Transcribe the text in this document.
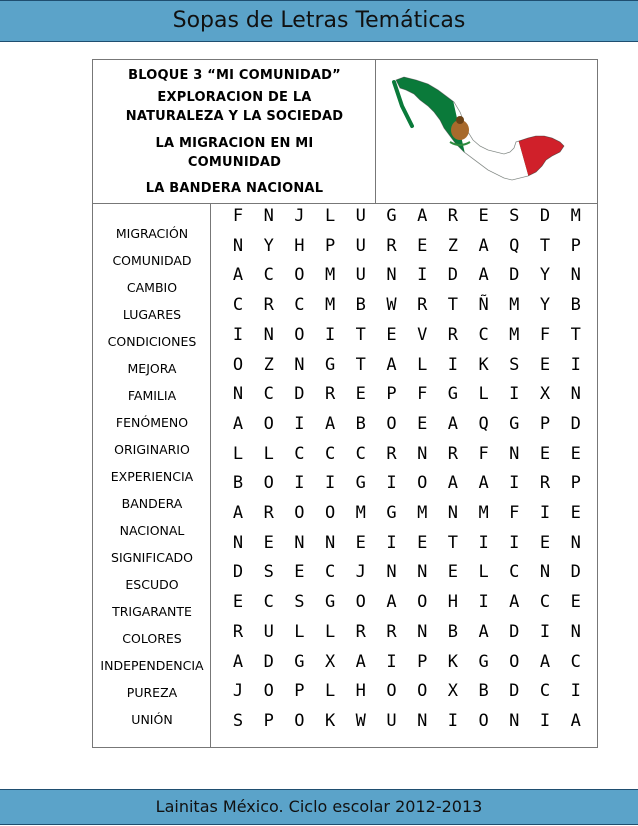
Sopas de Letras Temáticas
BLOQUE 3 “MI COMUNIDAD”
EXPLORACION DE LA
NATURALEZA Y LA SOCIEDAD
LA MIGRACION EN MI
COMUNIDAD
LA BANDERA NACIONAL
MIGRACIÓN
COMUNIDAD
CAMBIO
LUGARES
CONDICIONES
MEJORA
FAMILIA
FENÓMENO
ORIGINARIO
EXPERIENCIA
BANDERA
NACIONAL
SIGNIFICADO
ESCUDO
TRIGARANTE
COLORES
INDEPENDENCIA
PUREZA
UNIÓN
F	N	J	L	U	G	A	R	E	S	D	M
N	Y	H	P	U	R	E	Z	A	Q	T	P
A	C	O	M	U	N	I	D	A	D	Y	N
C	R	C	M	B	W	R	T	Ñ	M	Y	B
I	N	O	I	T	E	V	R	C	M	F	T
O	Z	N	G	T	A	L	I	K	S	E	I
N	C	D	R	E	P	F	G	L	I	X	N
A	O	I	A	B	O	E	A	Q	G	P	D
L	L	C	C	C	R	N	R	F	N	E	E
B	O	I	I	G	I	O	A	A	I	R	P
A	R	O	O	M	G	M	N	M	F	I	E
N	E	N	N	E	I	E	T	I	I	E	N
D	S	E	C	J	N	N	E	L	C	N	D
E	C	S	G	O	A	O	H	I	A	C	E
R	U	L	L	R	R	N	B	A	D	I	N
A	D	G	X	A	I	P	K	G	O	A	C
J	O	P	L	H	O	O	X	B	D	C	I
S	P	O	K	W	U	N	I	O	N	I	A
Lainitas México. Ciclo escolar 2012-2013
